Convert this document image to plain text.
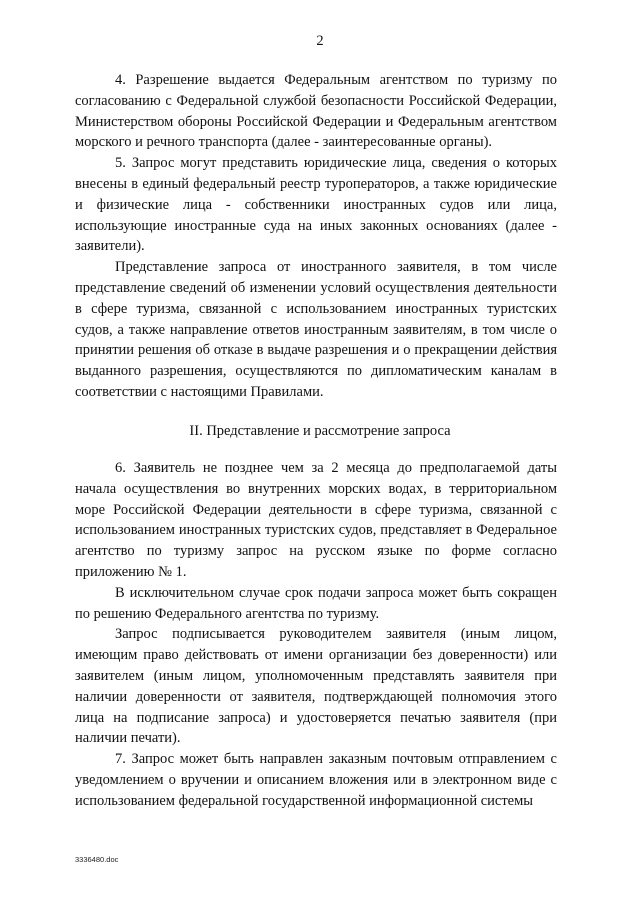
2

4. Разрешение выдается Федеральным агентством по туризму по согласованию с Федеральной службой безопасности Российской Федерации, Министерством обороны Российской Федерации и Федеральным агентством морского и речного транспорта (далее - заинтересованные органы).

5. Запрос могут представить юридические лица, сведения о которых внесены в единый федеральный реестр туроператоров, а также юридические и физические лица - собственники иностранных судов или лица, использующие иностранные суда на иных законных основаниях (далее - заявители).

Представление запроса от иностранного заявителя, в том числе представление сведений об изменении условий осуществления деятельности в сфере туризма, связанной с использованием иностранных туристских судов, а также направление ответов иностранным заявителям, в том числе о принятии решения об отказе в выдаче разрешения и о прекращении действия выданного разрешения, осуществляются по дипломатическим каналам в соответствии с настоящими Правилами.

II. Представление и рассмотрение запроса

6. Заявитель не позднее чем за 2 месяца до предполагаемой даты начала осуществления во внутренних морских водах, в территориальном море Российской Федерации деятельности в сфере туризма, связанной с использованием иностранных туристских судов, представляет в Федеральное агентство по туризму запрос на русском языке по форме согласно приложению № 1.

В исключительном случае срок подачи запроса может быть сокращен по решению Федерального агентства по туризму.

Запрос подписывается руководителем заявителя (иным лицом, имеющим право действовать от имени организации без доверенности) или заявителем (иным лицом, уполномоченным представлять заявителя при наличии доверенности от заявителя, подтверждающей полномочия этого лица на подписание запроса) и удостоверяется печатью заявителя (при наличии печати).

7. Запрос может быть направлен заказным почтовым отправлением с уведомлением о вручении и описанием вложения или в электронном виде с использованием федеральной государственной информационной системы

3336480.doc
